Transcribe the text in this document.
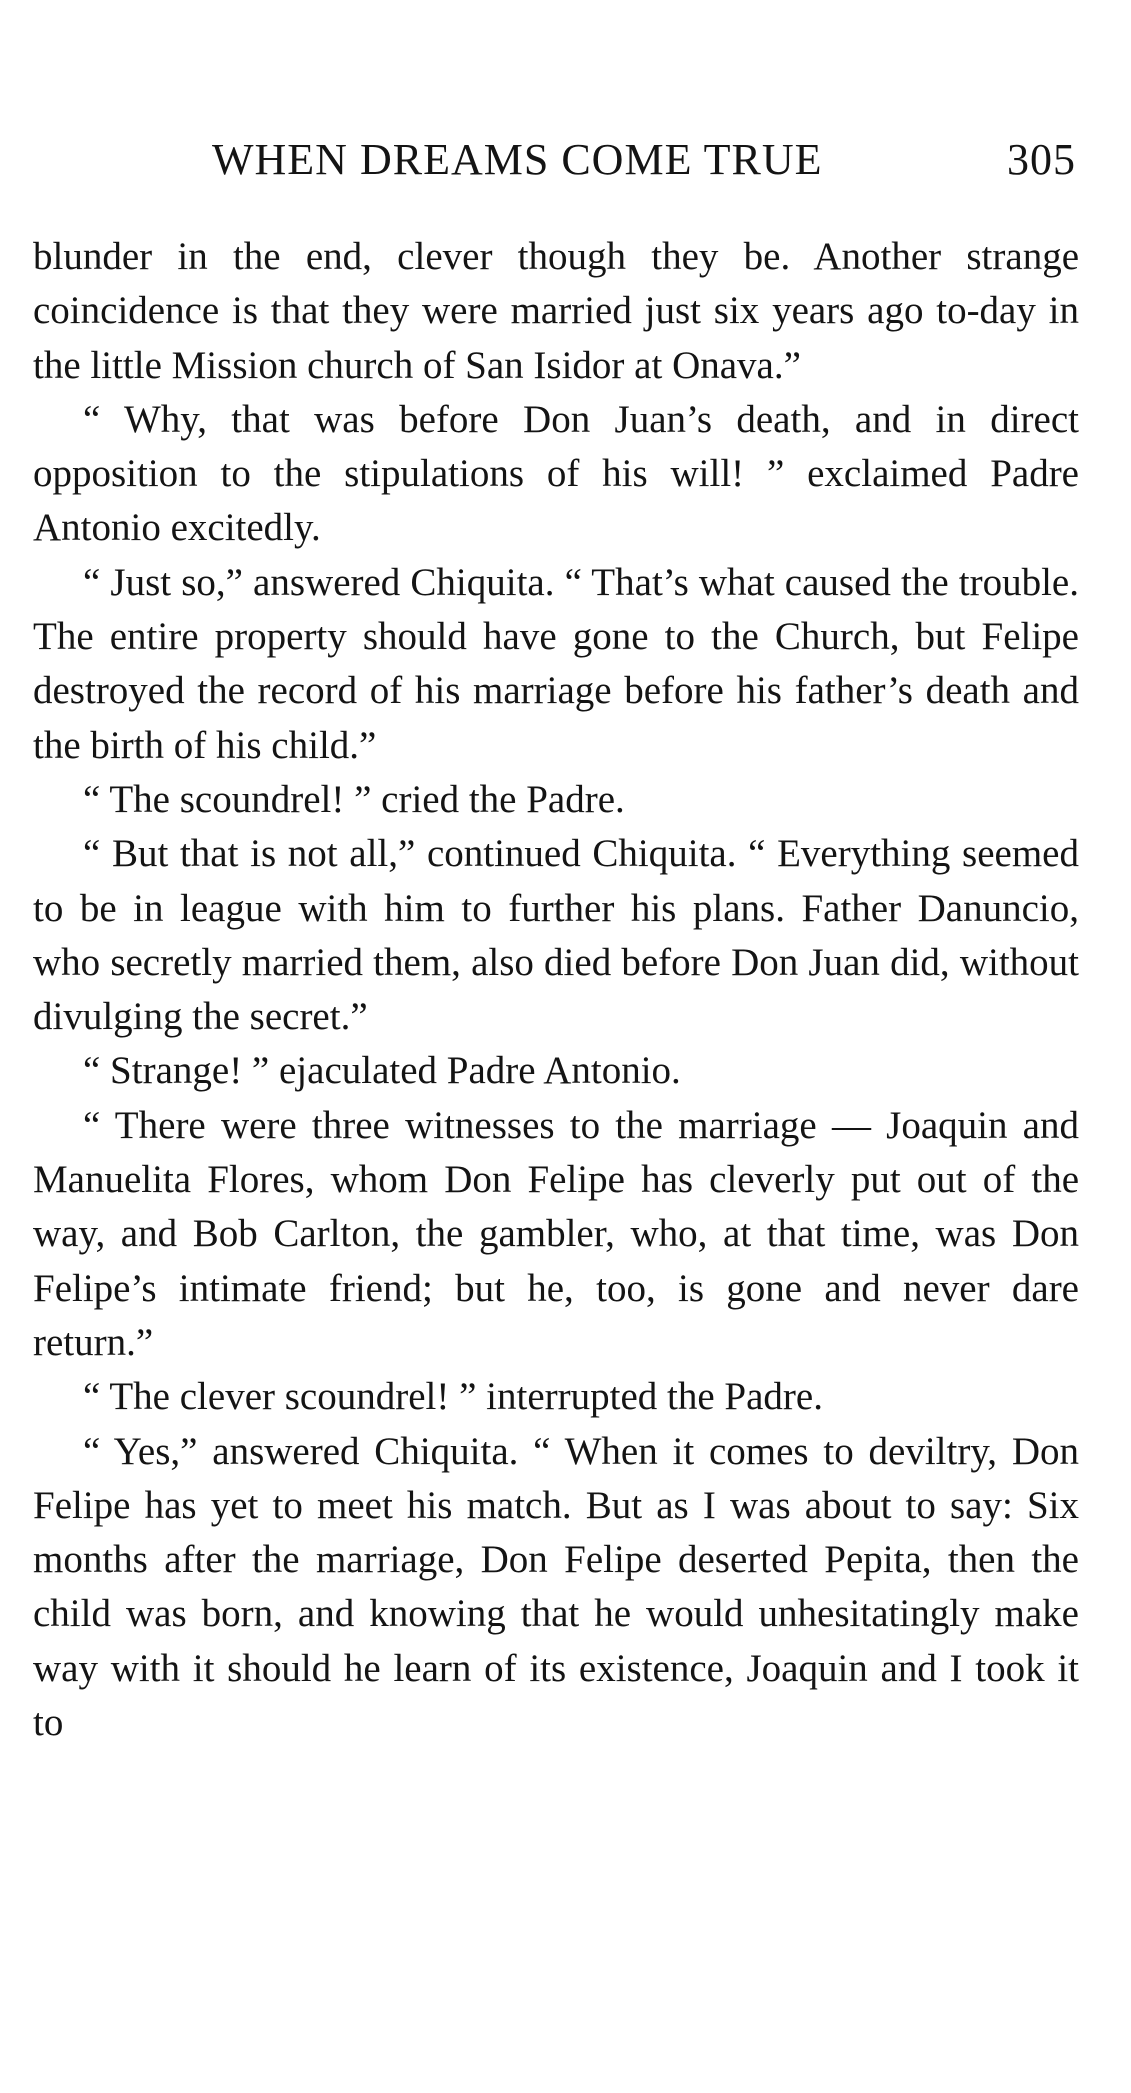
WHEN DREAMS COME TRUE	305

blunder in the end, clever though they be. Another strange coincidence is that they were married just six years ago to-day in the little Mission church of San Isidor at Onava.”

“ Why, that was before Don Juan’s death, and in direct opposition to the stipulations of his will! ” exclaimed Padre Antonio excitedly.

“ Just so,” answered Chiquita. “ That’s what caused the trouble. The entire property should have gone to the Church, but Felipe destroyed the record of his marriage before his father’s death and the birth of his child.”

“ The scoundrel! ” cried the Padre.

“ But that is not all,” continued Chiquita. “ Everything seemed to be in league with him to further his plans. Father Danuncio, who secretly married them, also died before Don Juan did, without divulging the secret.”

“ Strange! ” ejaculated Padre Antonio.

“ There were three witnesses to the marriage — Joaquin and Manuelita Flores, whom Don Felipe has cleverly put out of the way, and Bob Carlton, the gambler, who, at that time, was Don Felipe’s intimate friend; but he, too, is gone and never dare return.”

“ The clever scoundrel! ” interrupted the Padre.

“ Yes,” answered Chiquita. “ When it comes to deviltry, Don Felipe has yet to meet his match. But as I was about to say: Six months after the marriage, Don Felipe deserted Pepita, then the child was born, and knowing that he would unhesitatingly make way with it should he learn of its existence, Joaquin and I took it to
